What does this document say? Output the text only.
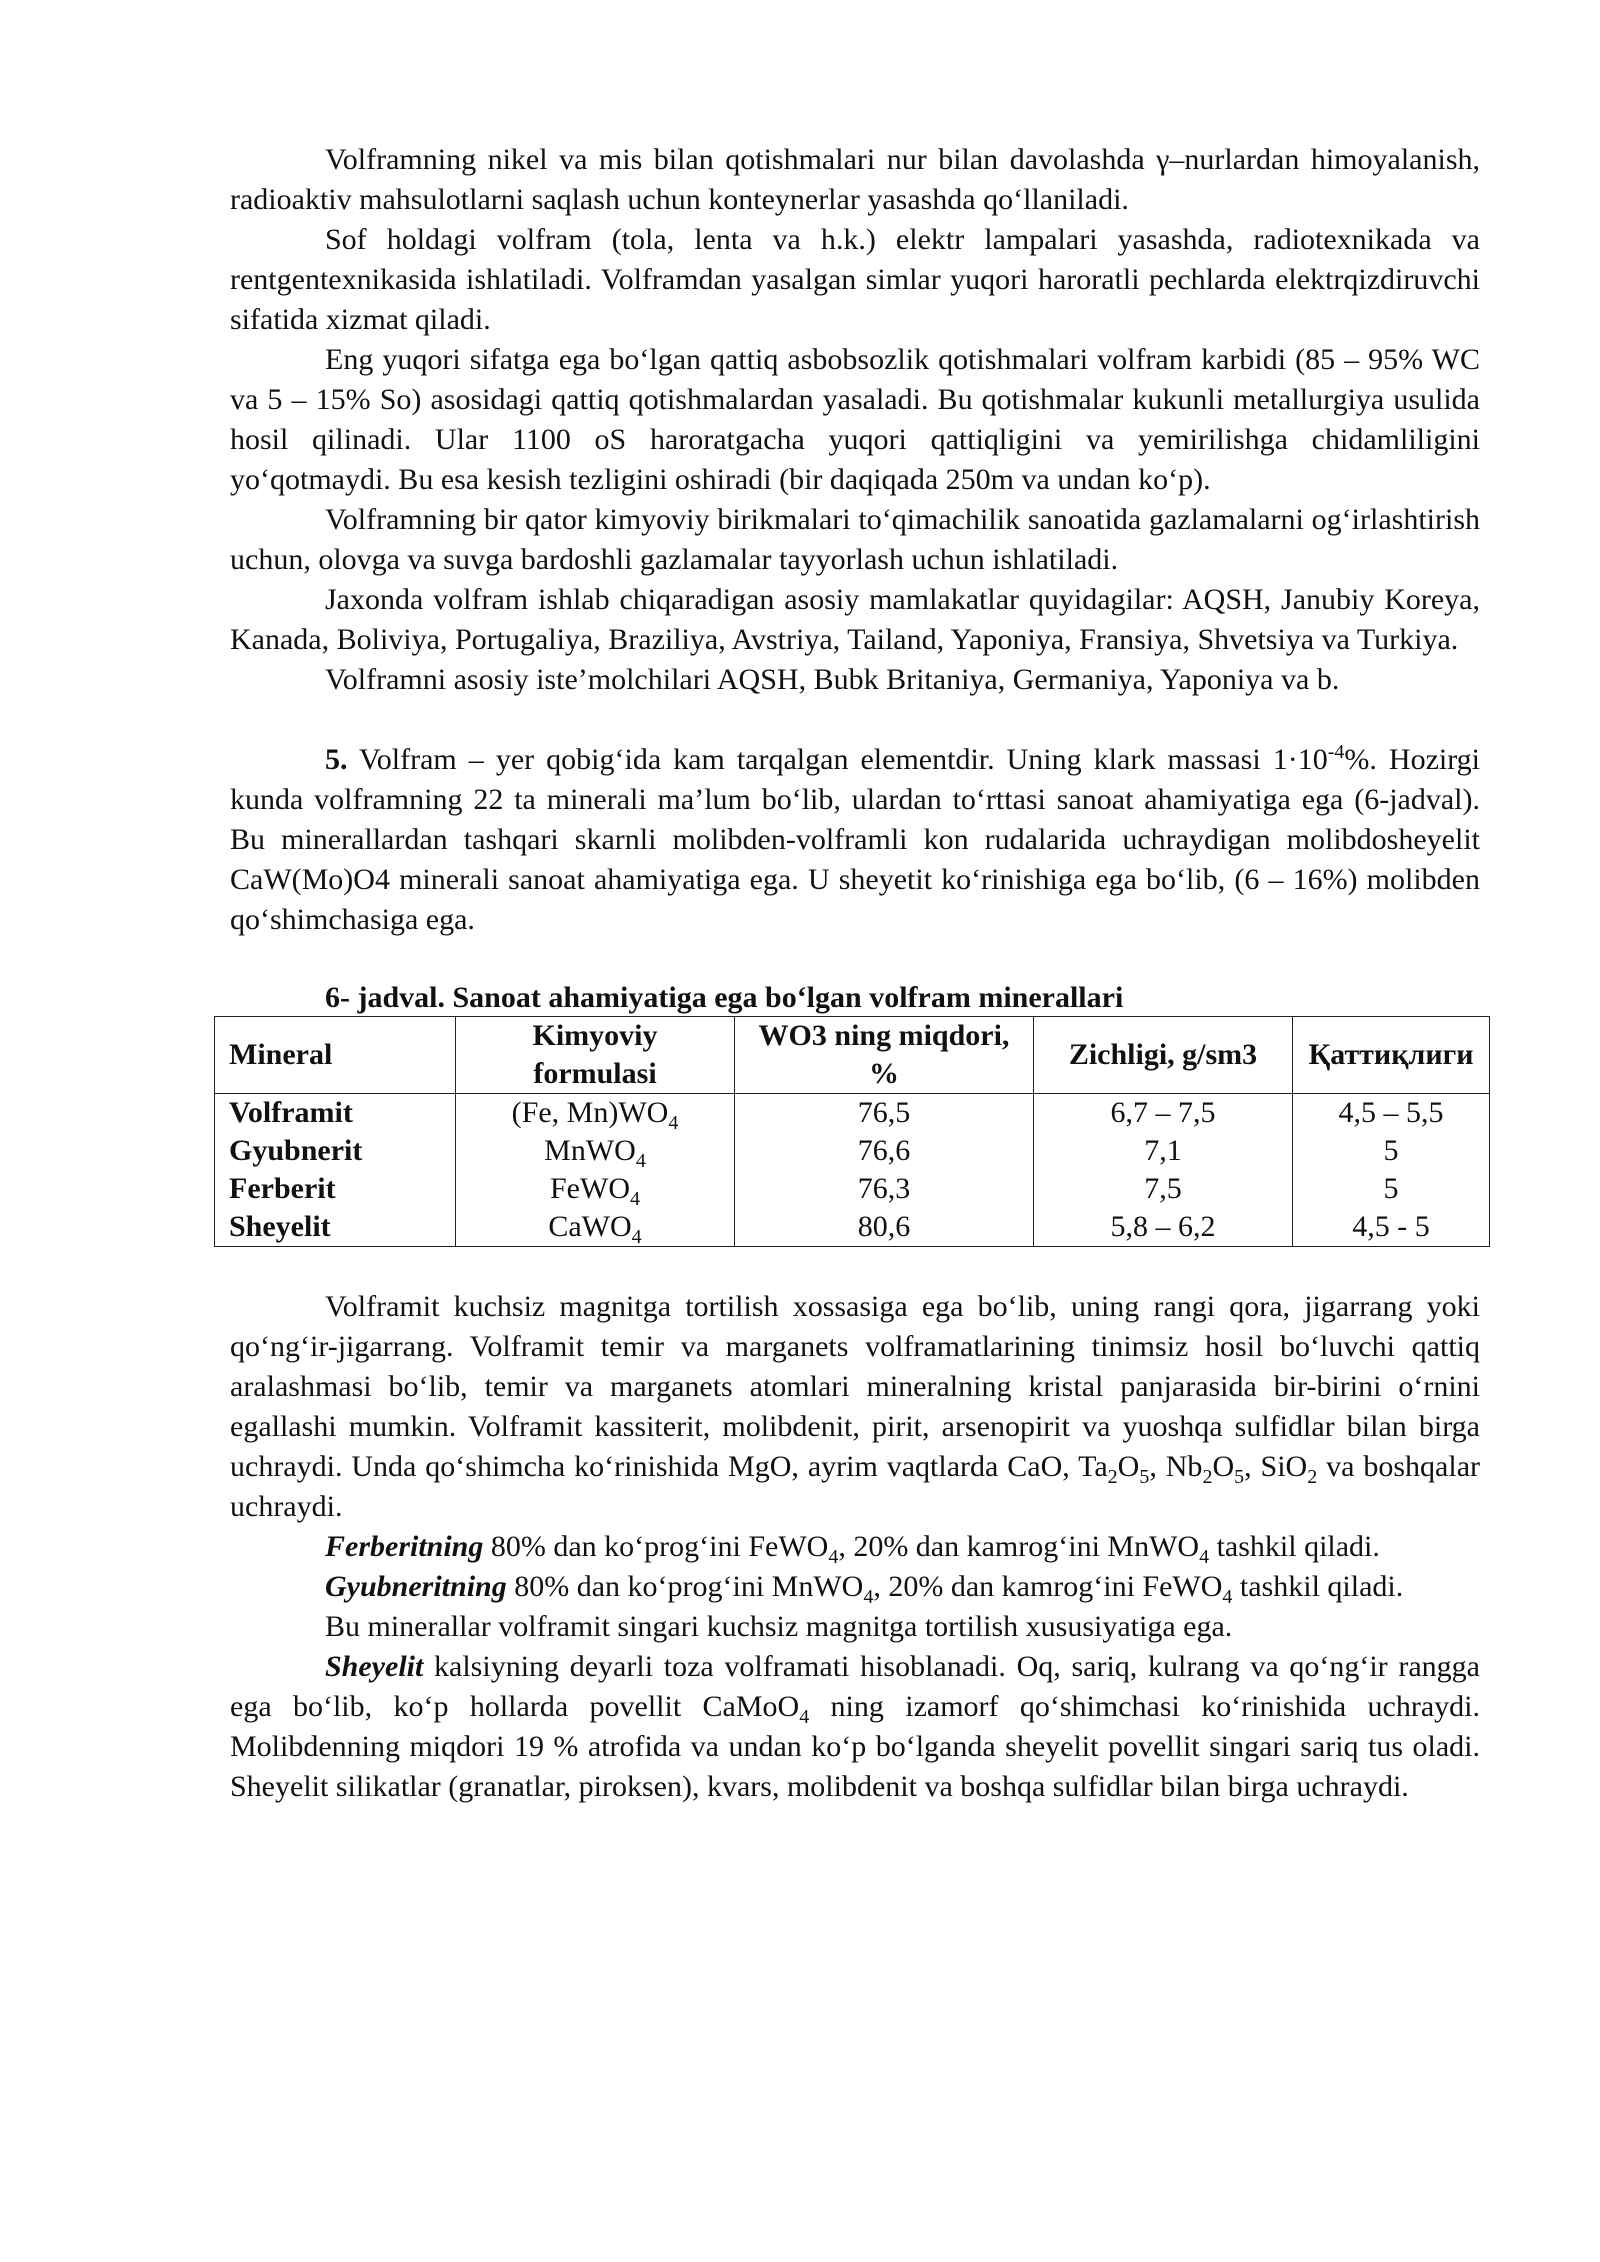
Volframning nikel va mis bilan qotishmalari nur bilan davolashda γ–nurlardan himoyalanish, radioaktiv mahsulotlarni saqlash uchun konteynerlar yasashda qo‘llaniladi.

Sof holdagi volfram (tola, lenta va h.k.) elektr lampalari yasashda, radiotexnikada va rentgentexnikasida ishlatiladi. Volframdan yasalgan simlar yuqori haroratli pechlarda elektrqizdiruvchi sifatida xizmat qiladi.

Eng yuqori sifatga ega bo‘lgan qattiq asbobsozlik qotishmalari volfram karbidi (85 – 95% WC va 5 – 15% So) asosidagi qattiq qotishmalardan yasaladi. Bu qotishmalar kukunli metallurgiya usulida hosil qilinadi. Ular 1100 oS haroratgacha yuqori qattiqligini va yemirilishga chidamliligini yo‘qotmaydi. Bu esa kesish tezligini oshiradi (bir daqiqada 250m va undan ko‘p).

Volframning bir qator kimyoviy birikmalari to‘qimachilik sanoatida gazlamalarni og‘irlashtirish uchun, olovga va suvga bardoshli gazlamalar tayyorlash uchun ishlatiladi.

Jaxonda volfram ishlab chiqaradigan asosiy mamlakatlar quyidagilar: AQSH, Janubiy Koreya, Kanada, Boliviya, Portugaliya, Braziliya, Avstriya, Tailand, Yaponiya, Fransiya, Shvetsiya va Turkiya.

Volframni asosiy iste’molchilari AQSH, Bubk Britaniya, Germaniya, Yaponiya va b.

5. Volfram – yer qobig‘ida kam tarqalgan elementdir. Uning klark massasi $1\cdot 10^{-4}\%$. Hozirgi kunda volframning 22 ta minerali ma’lum bo‘lib, ulardan to‘rttasi sanoat ahamiyatiga ega (6-jadval). Bu minerallardan tashqari skarnli molibden-volframli kon rudalarida uchraydigan molibdosheyelit CaW(Mo)O4 minerali sanoat ahamiyatiga ega. U sheyetit ko‘rinishiga ega bo‘lib, (6 – 16%) molibden qo‘shimchasiga ega.

6- jadval. Sanoat ahamiyatiga ega bo‘lgan volfram minerallari

Mineral	Kimyoviy formulasi	WO3 ning miqdori, %	Zichligi, g/sm3	Қаттиқлиги
Volframit	(Fe, $Mn)WO_4$	76,5	6,7 – 7,5	4,5 – 5,5
Gyubnerit	MnWO$_4$	76,6	7,1	5
Ferberit	FeWO$_4$	76,3	7,5	5
Sheyelit	CaWO$_4$	80,6	5,8 – 6,2	4,5 - 5

Volframit kuchsiz magnitga tortilish xossasiga ega bo‘lib, uning rangi qora, jigarrang yoki qo‘ng‘ir-jigarrang. Volframit temir va marganets volframatlarining tinimsiz hosil bo‘luvchi qattiq aralashmasi bo‘lib, temir va marganets atomlari mineralning kristal panjarasida bir-birini o‘rnini egallashi mumkin. Volframit kassiterit, molibdenit, pirit, arsenopirit va yuoshqa sulfidlar bilan birga uchraydi. Unda qo‘shimcha ko‘rinishida MgO, ayrim vaqtlarda CaO, $Ta_2O_5$, $Nb_2O_5$, SiO$_2$ va boshqalar uchraydi.

Ferberitning 80% dan ko‘prog‘ini FeWO$_4$, 20% dan kamrog‘ini MnWO$_4$ tashkil qiladi.

Gyubneritning 80% dan ko‘prog‘ini MnWO$_4$, 20% dan kamrog‘ini FeWO$_4$ tashkil qiladi.

Bu minerallar volframit singari kuchsiz magnitga tortilish xususiyatiga ega.

Sheyelit kalsiyning deyarli toza volframati hisoblanadi. Oq, sariq, kulrang va qo‘ng‘ir rangga ega bo‘lib, ko‘p hollarda povellit CaMoO$_4$ ning izamorf qo‘shimchasi ko‘rinishida uchraydi. Molibdenning miqdori 19 % atrofida va undan ko‘p bo‘lganda sheyelit povellit singari sariq tus oladi. Sheyelit silikatlar (granatlar, piroksen), kvars, molibdenit va boshqa sulfidlar bilan birga uchraydi.
